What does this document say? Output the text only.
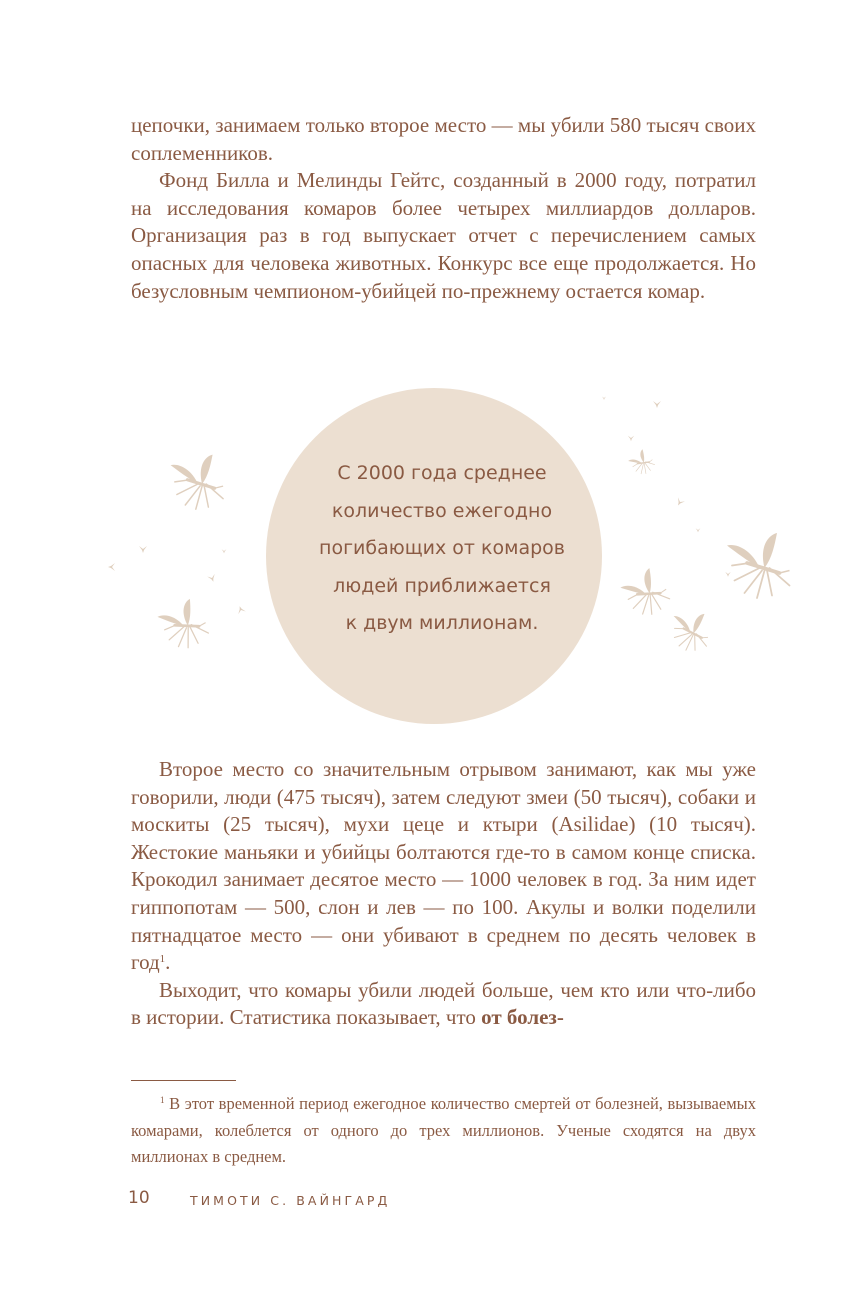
цепочки, занимаем только второе место — мы убили 580 тысяч своих соплеменников.

Фонд Билла и Мелинды Гейтс, созданный в 2000 году, потратил на исследования комаров более четырех миллиардов долларов. Организация раз в год выпускает отчет с перечислением самых опасных для человека животных. Конкурс все еще продолжается. Но безусловным чемпионом-убийцей по-прежнему остается комар.

С 2000 года среднее
количество ежегодно
погибающих от комаров
людей приближается
к двум миллионам.

Второе место со значительным отрывом занимают, как мы уже говорили, люди (475 тысяч), затем следуют змеи (50 тысяч), собаки и москиты (25 тысяч), мухи цеце и ктыри (Asilidae) (10 тысяч). Жестокие маньяки и убийцы болтаются где-то в самом конце списка. Крокодил занимает десятое место — 1000 человек в год. За ним идет гиппопотам — 500, слон и лев — по 100. Акулы и волки поделили пятнадцатое место — они убивают в среднем по десять человек в год$^1$.

Выходит, что комары убили людей больше, чем кто или что-либо в истории. Статистика показывает, что от болез-

$^1$ В этот временной период ежегодное количество смертей от болезней, вызываемых комарами, колеблется от одного до трех миллионов. Ученые сходятся на двух миллионах в среднем.

10	ТИМОТИ С. ВАЙНГАРД
